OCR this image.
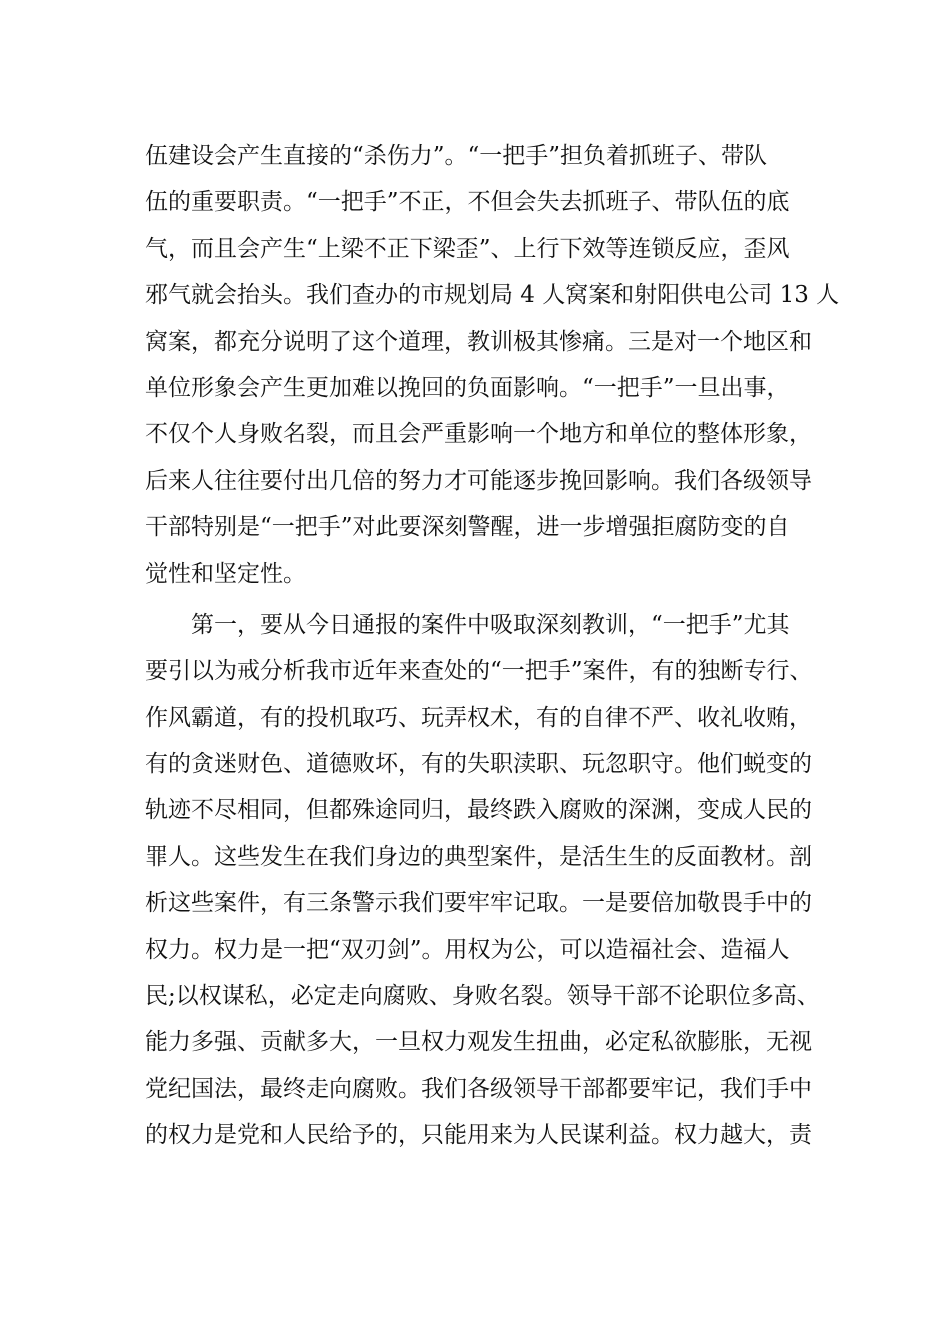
伍建设会产生直接的“杀伤力”。“一把手”担负着抓班子、带队
伍的重要职责。“一把手”不正，不但会失去抓班子、带队伍的底
气，而且会产生“上梁不正下梁歪”、上行下效等连锁反应，歪风
邪气就会抬头。我们查办的市规划局 4 人窝案和射阳供电公司 13 人
窝案，都充分说明了这个道理，教训极其惨痛。三是对一个地区和
单位形象会产生更加难以挽回的负面影响。“一把手”一旦出事，
不仅个人身败名裂，而且会严重影响一个地方和单位的整体形象，
后来人往往要付出几倍的努力才可能逐步挽回影响。我们各级领导
干部特别是“一把手”对此要深刻警醒，进一步增强拒腐防变的自
觉性和坚定性。
　　第一，要从今日通报的案件中吸取深刻教训，“一把手”尤其
要引以为戒分析我市近年来查处的“一把手”案件，有的独断专行、
作风霸道，有的投机取巧、玩弄权术，有的自律不严、收礼收贿，
有的贪迷财色、道德败坏，有的失职渎职、玩忽职守。他们蜕变的
轨迹不尽相同，但都殊途同归，最终跌入腐败的深渊，变成人民的
罪人。这些发生在我们身边的典型案件，是活生生的反面教材。剖
析这些案件，有三条警示我们要牢牢记取。一是要倍加敬畏手中的
权力。权力是一把“双刃剑”。用权为公，可以造福社会、造福人
民;以权谋私，必定走向腐败、身败名裂。领导干部不论职位多高、
能力多强、贡献多大，一旦权力观发生扭曲，必定私欲膨胀，无视
党纪国法，最终走向腐败。我们各级领导干部都要牢记，我们手中
的权力是党和人民给予的，只能用来为人民谋利益。权力越大，责
